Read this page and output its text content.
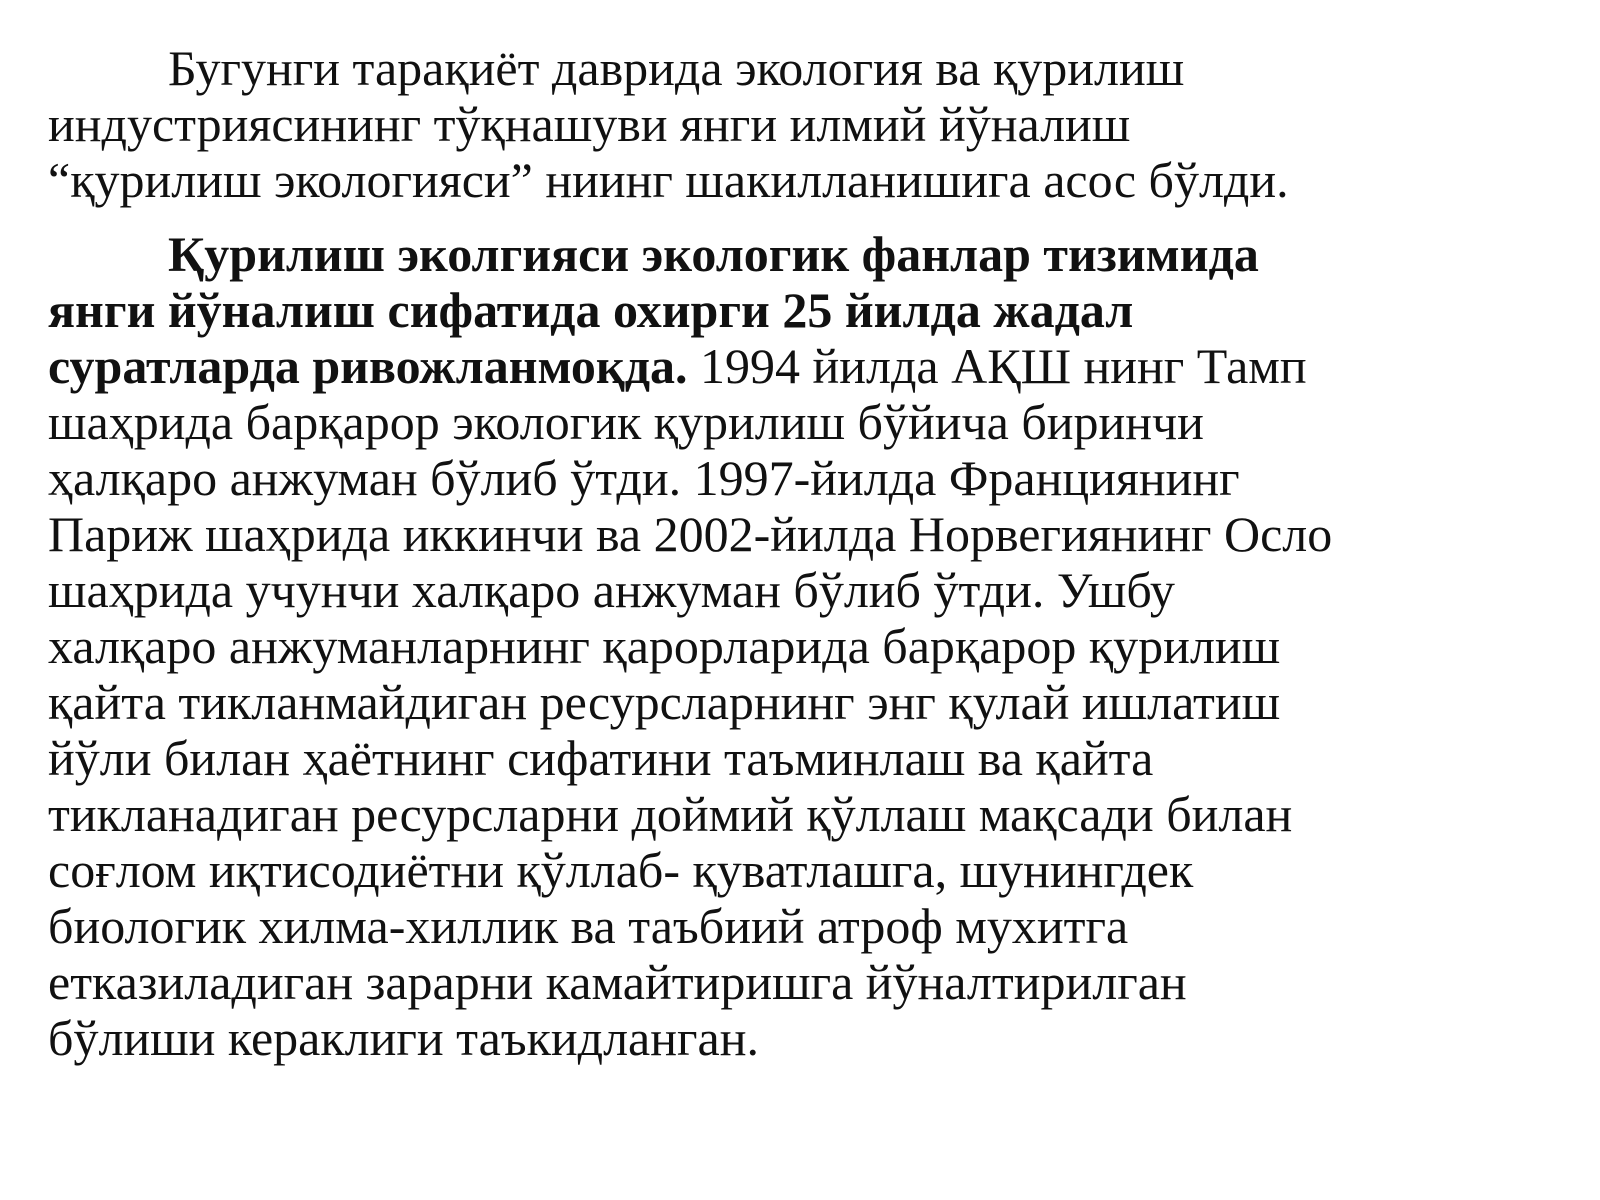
Бугунги тарақиёт даврида экология ва қурилиш
индустриясининг тўқнашуви янги илмий йўналиш
“қурилиш экологияси” ниинг шакилланишига асос бўлди.
Қурилиш эколгияси экологик фанлар тизимида
янги йўналиш сифатида охирги 25 йилда жадал
суратларда ривожланмоқда. 1994 йилда АҚШ нинг Тамп
шаҳрида барқарор экологик қурилиш бўйича биринчи
ҳалқаро анжуман бўлиб ўтди. 1997-йилда Франциянинг
Париж шаҳрида иккинчи ва 2002-йилда Норвегиянинг Осло
шаҳрида учунчи халқаро анжуман бўлиб ўтди. Ушбу
халқаро анжуманларнинг қарорларида барқарор қурилиш
қайта тикланмайдиган ресурсларнинг энг қулай ишлатиш
йўли билан ҳаётнинг сифатини таъминлаш ва қайта
тикланадиган ресурсларни доймий қўллаш мақсади билан
соғлом иқтисодиётни қўллаб- қуватлашга, шунингдек
биологик хилма-хиллик ва таъбиий атроф мухитга
етказиладиган зарарни камайтиришга йўналтирилган
бўлиши кераклиги таъкидланган.
